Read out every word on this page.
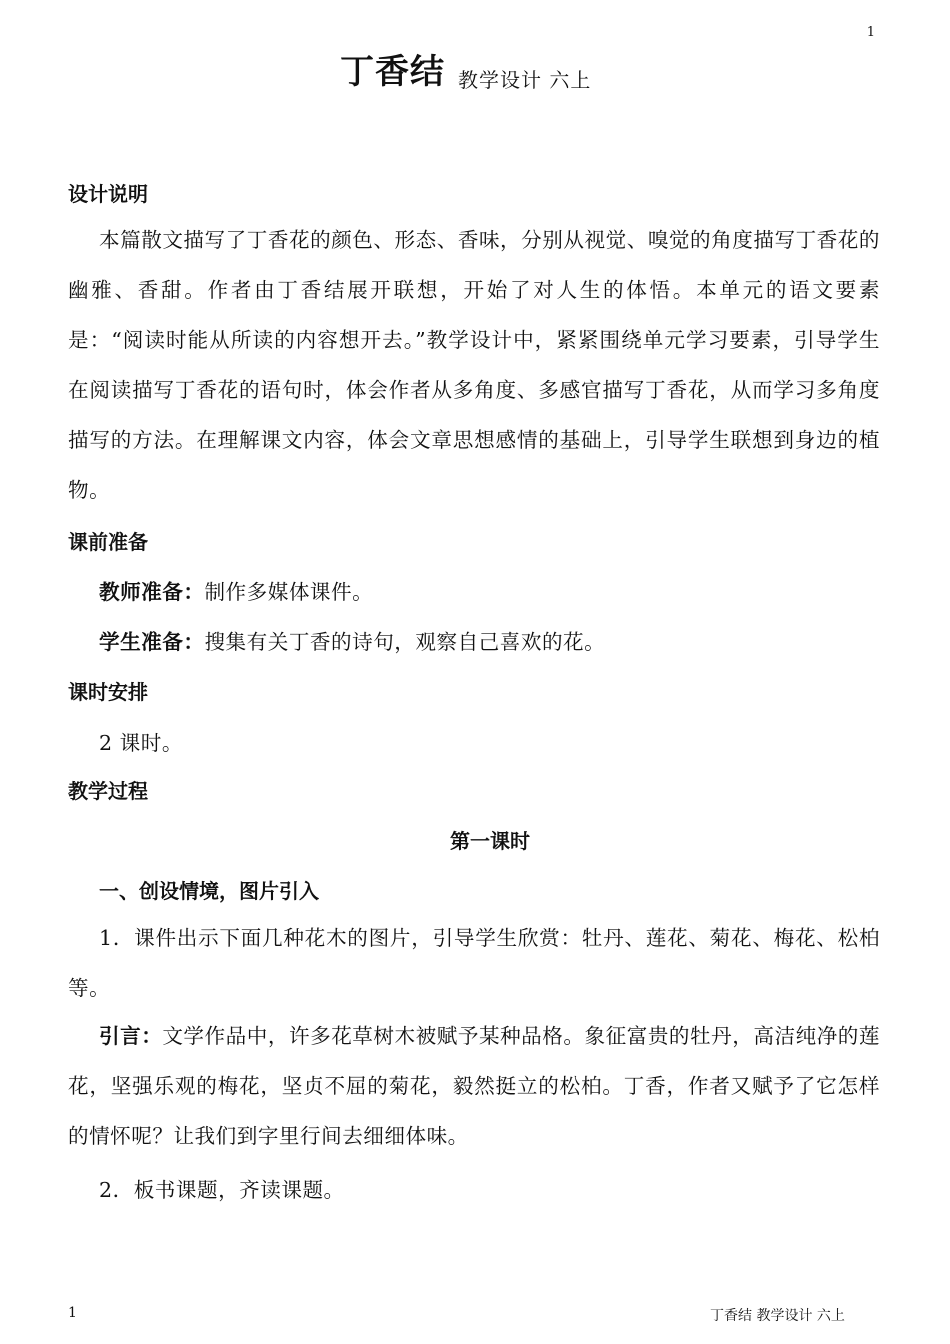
1
丁香结 教学设计 六上
设计说明
本篇散文描写了丁香花的颜色、形态、香味，分别从视觉、嗅觉的角度描写丁香花的幽雅、香甜。作者由丁香结展开联想，开始了对人生的体悟。本单元的语文要素是：“阅读时能从所读的内容想开去。”教学设计中，紧紧围绕单元学习要素，引导学生在阅读描写丁香花的语句时，体会作者从多角度、多感官描写丁香花，从而学习多角度描写的方法。在理解课文内容，体会文章思想感情的基础上，引导学生联想到身边的植物。
课前准备
教师准备：制作多媒体课件。
学生准备：搜集有关丁香的诗句，观察自己喜欢的花。
课时安排
2 课时。
教学过程
第一课时
一、创设情境，图片引入
1．课件出示下面几种花木的图片，引导学生欣赏：牡丹、莲花、菊花、梅花、松柏等。
引言：文学作品中，许多花草树木被赋予某种品格。象征富贵的牡丹，高洁纯净的莲花，坚强乐观的梅花，坚贞不屈的菊花，毅然挺立的松柏。丁香，作者又赋予了它怎样的情怀呢？让我们到字里行间去细细体味。
2．板书课题，齐读课题。
1	丁香结 教学设计 六上
